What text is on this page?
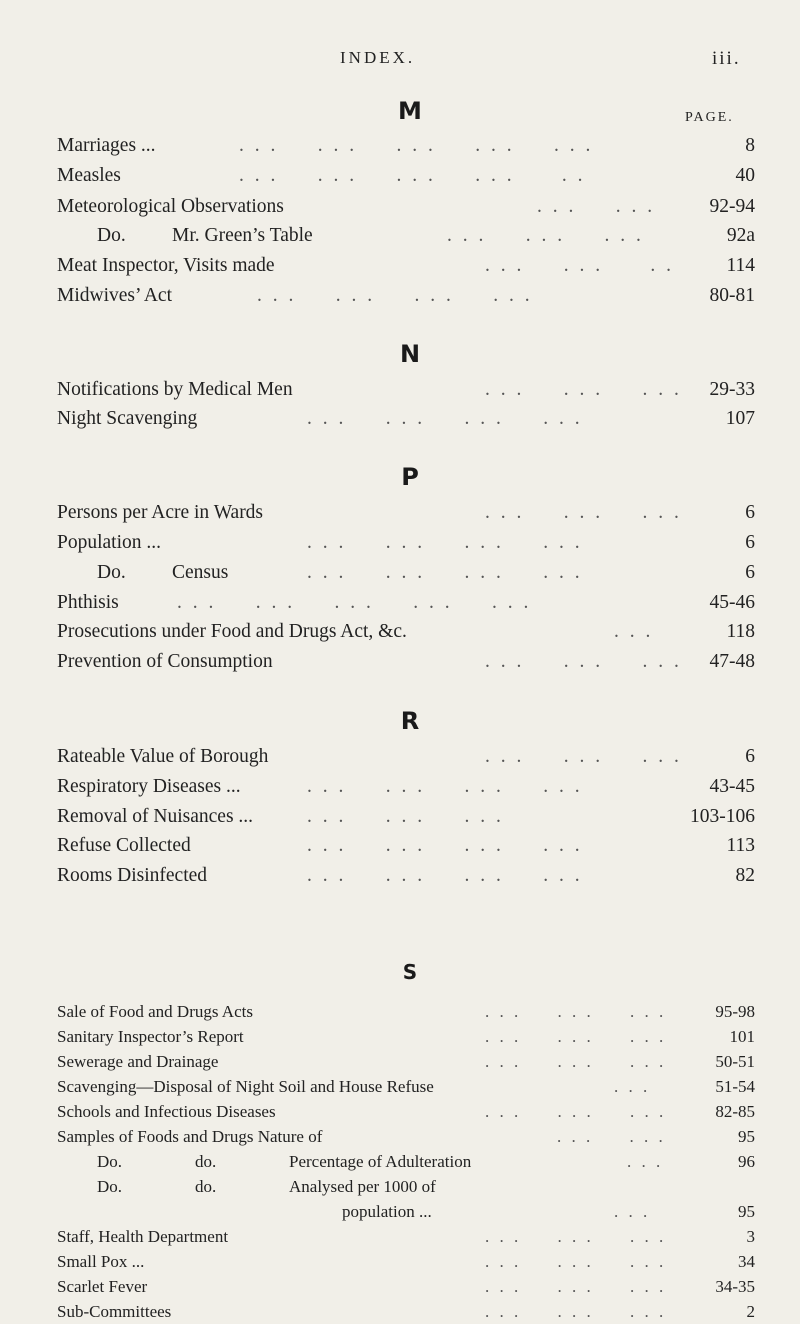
INDEX.	iii.
PAGE.
M
Marriages ...	. . .     . . .     . . .     . . .     . . .	8
Measles	. . .     . . .     . . .     . . .      . .	40
Meteorological Observations	. . .     . . .	92-94
Do. Mr. Green’s Table	. . .     . . .     . . .	92a
Meat Inspector, Visits made	. . .     . . .      . .	114
Midwives’ Act	. . .     . . .     . . .     . . .	80-81
N
Notifications by Medical Men	. . .     . . .     . . . 29-33
Night Scavenging	. . .     . . .     . . .     . . .	107
P
Persons per Acre in Wards	. . .     . . .     . . .	6
Population ...	. . .     . . .     . . .     . . .	6
Do. Census	. . .     . . .     . . .     . . .	6
Phthisis	. . .     . . .     . . .     . . .     . . .	45-46
Prosecutions under Food and Drugs Act, &c.	. . .	118
Prevention of Consumption	. . .     . . .     . . . 47-48
R
Rateable Value of Borough	. . .     . . .     . . .	6
Respiratory Diseases ...	. . .     . . .     . . .     . . .	43-45
Removal of Nuisances ...	. . .     . . .     . . .	103-106
Refuse Collected	. . .     . . .     . . .     . . .	113
Rooms Disinfected	. . .     . . .     . . .     . . .	82
S
Sale of Food and Drugs Acts	. . .     . . .     . . .	95-98
Sanitary Inspector’s Report	. . .     . . .     . . .	101
Sewerage and Drainage	. . .     . . .     . . .	50-51
Scavenging—Disposal of Night Soil and House Refuse	. . .	51-54
Schools and Infectious Diseases	. . .     . . .     . . .	82-85
Samples of Foods and Drugs Nature of	. . .     . . .	95
Do.	do.	Percentage of Adulteration	. . .	96
Do.	do.	Analysed per 1000 of
population ...	. . .	95
Staff, Health Department	. . .     . . .     . . .	3
Small Pox ...	. . .     . . .     . . .	34
Scarlet Fever	. . .     . . .     . . .	34-35
Sub-Committees	. . .     . . .     . . .	2
